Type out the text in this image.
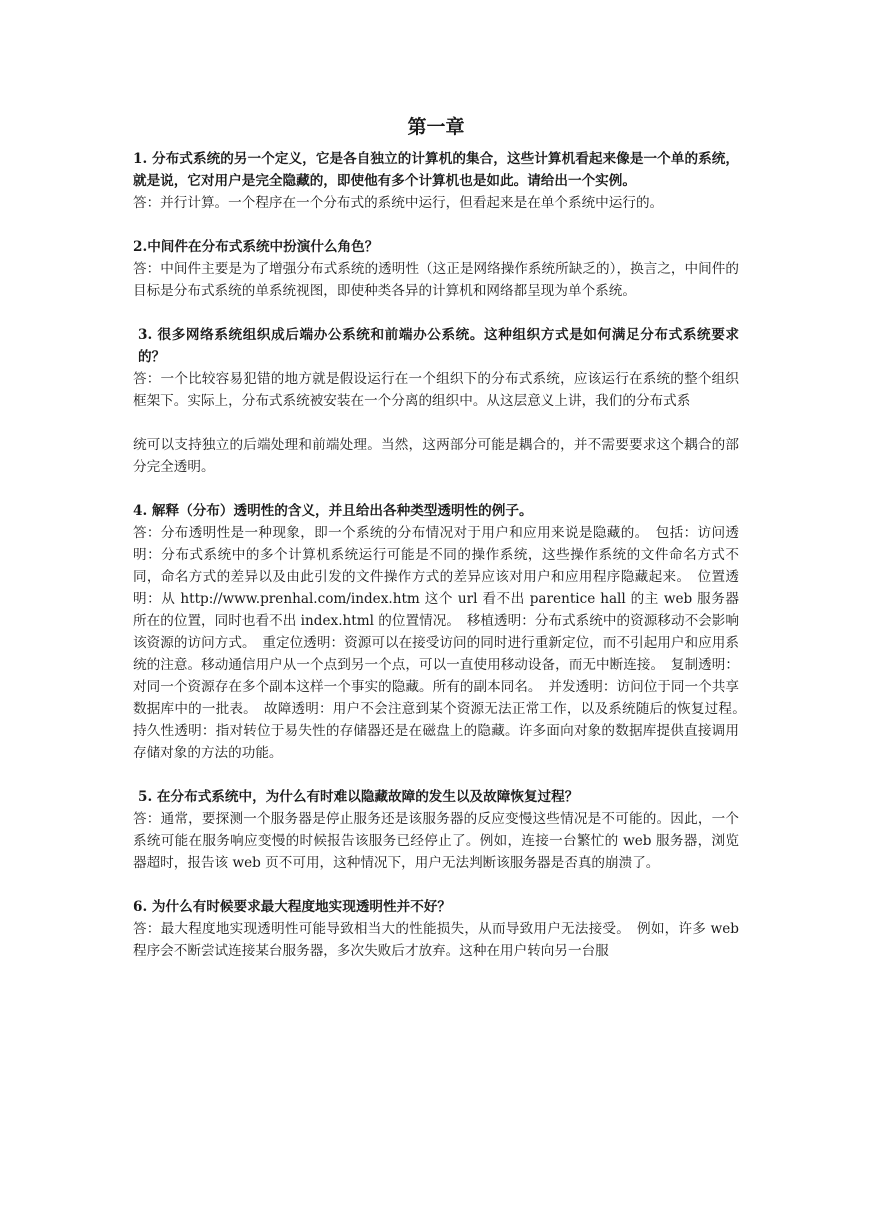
第一章

1. 分布式系统的另一个定义，它是各自独立的计算机的集合，这些计算机看起来像是一个单的系统，就是说，它对用户是完全隐藏的，即使他有多个计算机也是如此。请给出一个实例。

答：并行计算。一个程序在一个分布式的系统中运行，但看起来是在单个系统中运行的。

2.中间件在分布式系统中扮演什么角色？

答：中间件主要是为了增强分布式系统的透明性（这正是网络操作系统所缺乏的），换言之，中间件的目标是分布式系统的单系统视图，即使种类各异的计算机和网络都呈现为单个系统。

3. 很多网络系统组织成后端办公系统和前端办公系统。这种组织方式是如何满足分布式系统要求的？

答：一个比较容易犯错的地方就是假设运行在一个组织下的分布式系统，应该运行在系统的整个组织框架下。实际上，分布式系统被安装在一个分离的组织中。从这层意义上讲，我们的分布式系

统可以支持独立的后端处理和前端处理。当然，这两部分可能是耦合的，并不需要要求这个耦合的部分完全透明。

4. 解释（分布）透明性的含义，并且给出各种类型透明性的例子。

答：分布透明性是一种现象，即一个系统的分布情况对于用户和应用来说是隐藏的。　包括：访问透明：分布式系统中的多个计算机系统运行可能是不同的操作系统，这些操作系统的文件命名方式不同，命名方式的差异以及由此引发的文件操作方式的差异应该对用户和应用程序隐藏起来。　位置透明：从 http://www.prenhal.com/index.htm 这个 url 看不出 parentice hall 的主 web 服务器所在的位置，同时也看不出 index.html 的位置情况。　移植透明：分布式系统中的资源移动不会影响该资源的访问方式。　重定位透明：资源可以在接受访问的同时进行重新定位，而不引起用户和应用系统的注意。移动通信用户从一个点到另一个点，可以一直使用移动设备，而无中断连接。　复制透明：对同一个资源存在多个副本这样一个事实的隐藏。所有的副本同名。　并发透明：访问位于同一个共享数据库中的一批表。　故障透明：用户不会注意到某个资源无法正常工作，以及系统随后的恢复过程。　持久性透明：指对转位于易失性的存储器还是在磁盘上的隐藏。许多面向对象的数据库提供直接调用存储对象的方法的功能。

5. 在分布式系统中，为什么有时难以隐藏故障的发生以及故障恢复过程？

答：通常，要探测一个服务器是停止服务还是该服务器的反应变慢这些情况是不可能的。因此，一个系统可能在服务响应变慢的时候报告该服务已经停止了。例如，连接一台繁忙的 web 服务器，浏览器超时，报告该 web 页不可用，这种情况下，用户无法判断该服务器是否真的崩溃了。

6. 为什么有时候要求最大程度地实现透明性并不好？

答：最大程度地实现透明性可能导致相当大的性能损失，从而导致用户无法接受。　例如，许多 web 程序会不断尝试连接某台服务器，多次失败后才放弃。这种在用户转向另一台服
